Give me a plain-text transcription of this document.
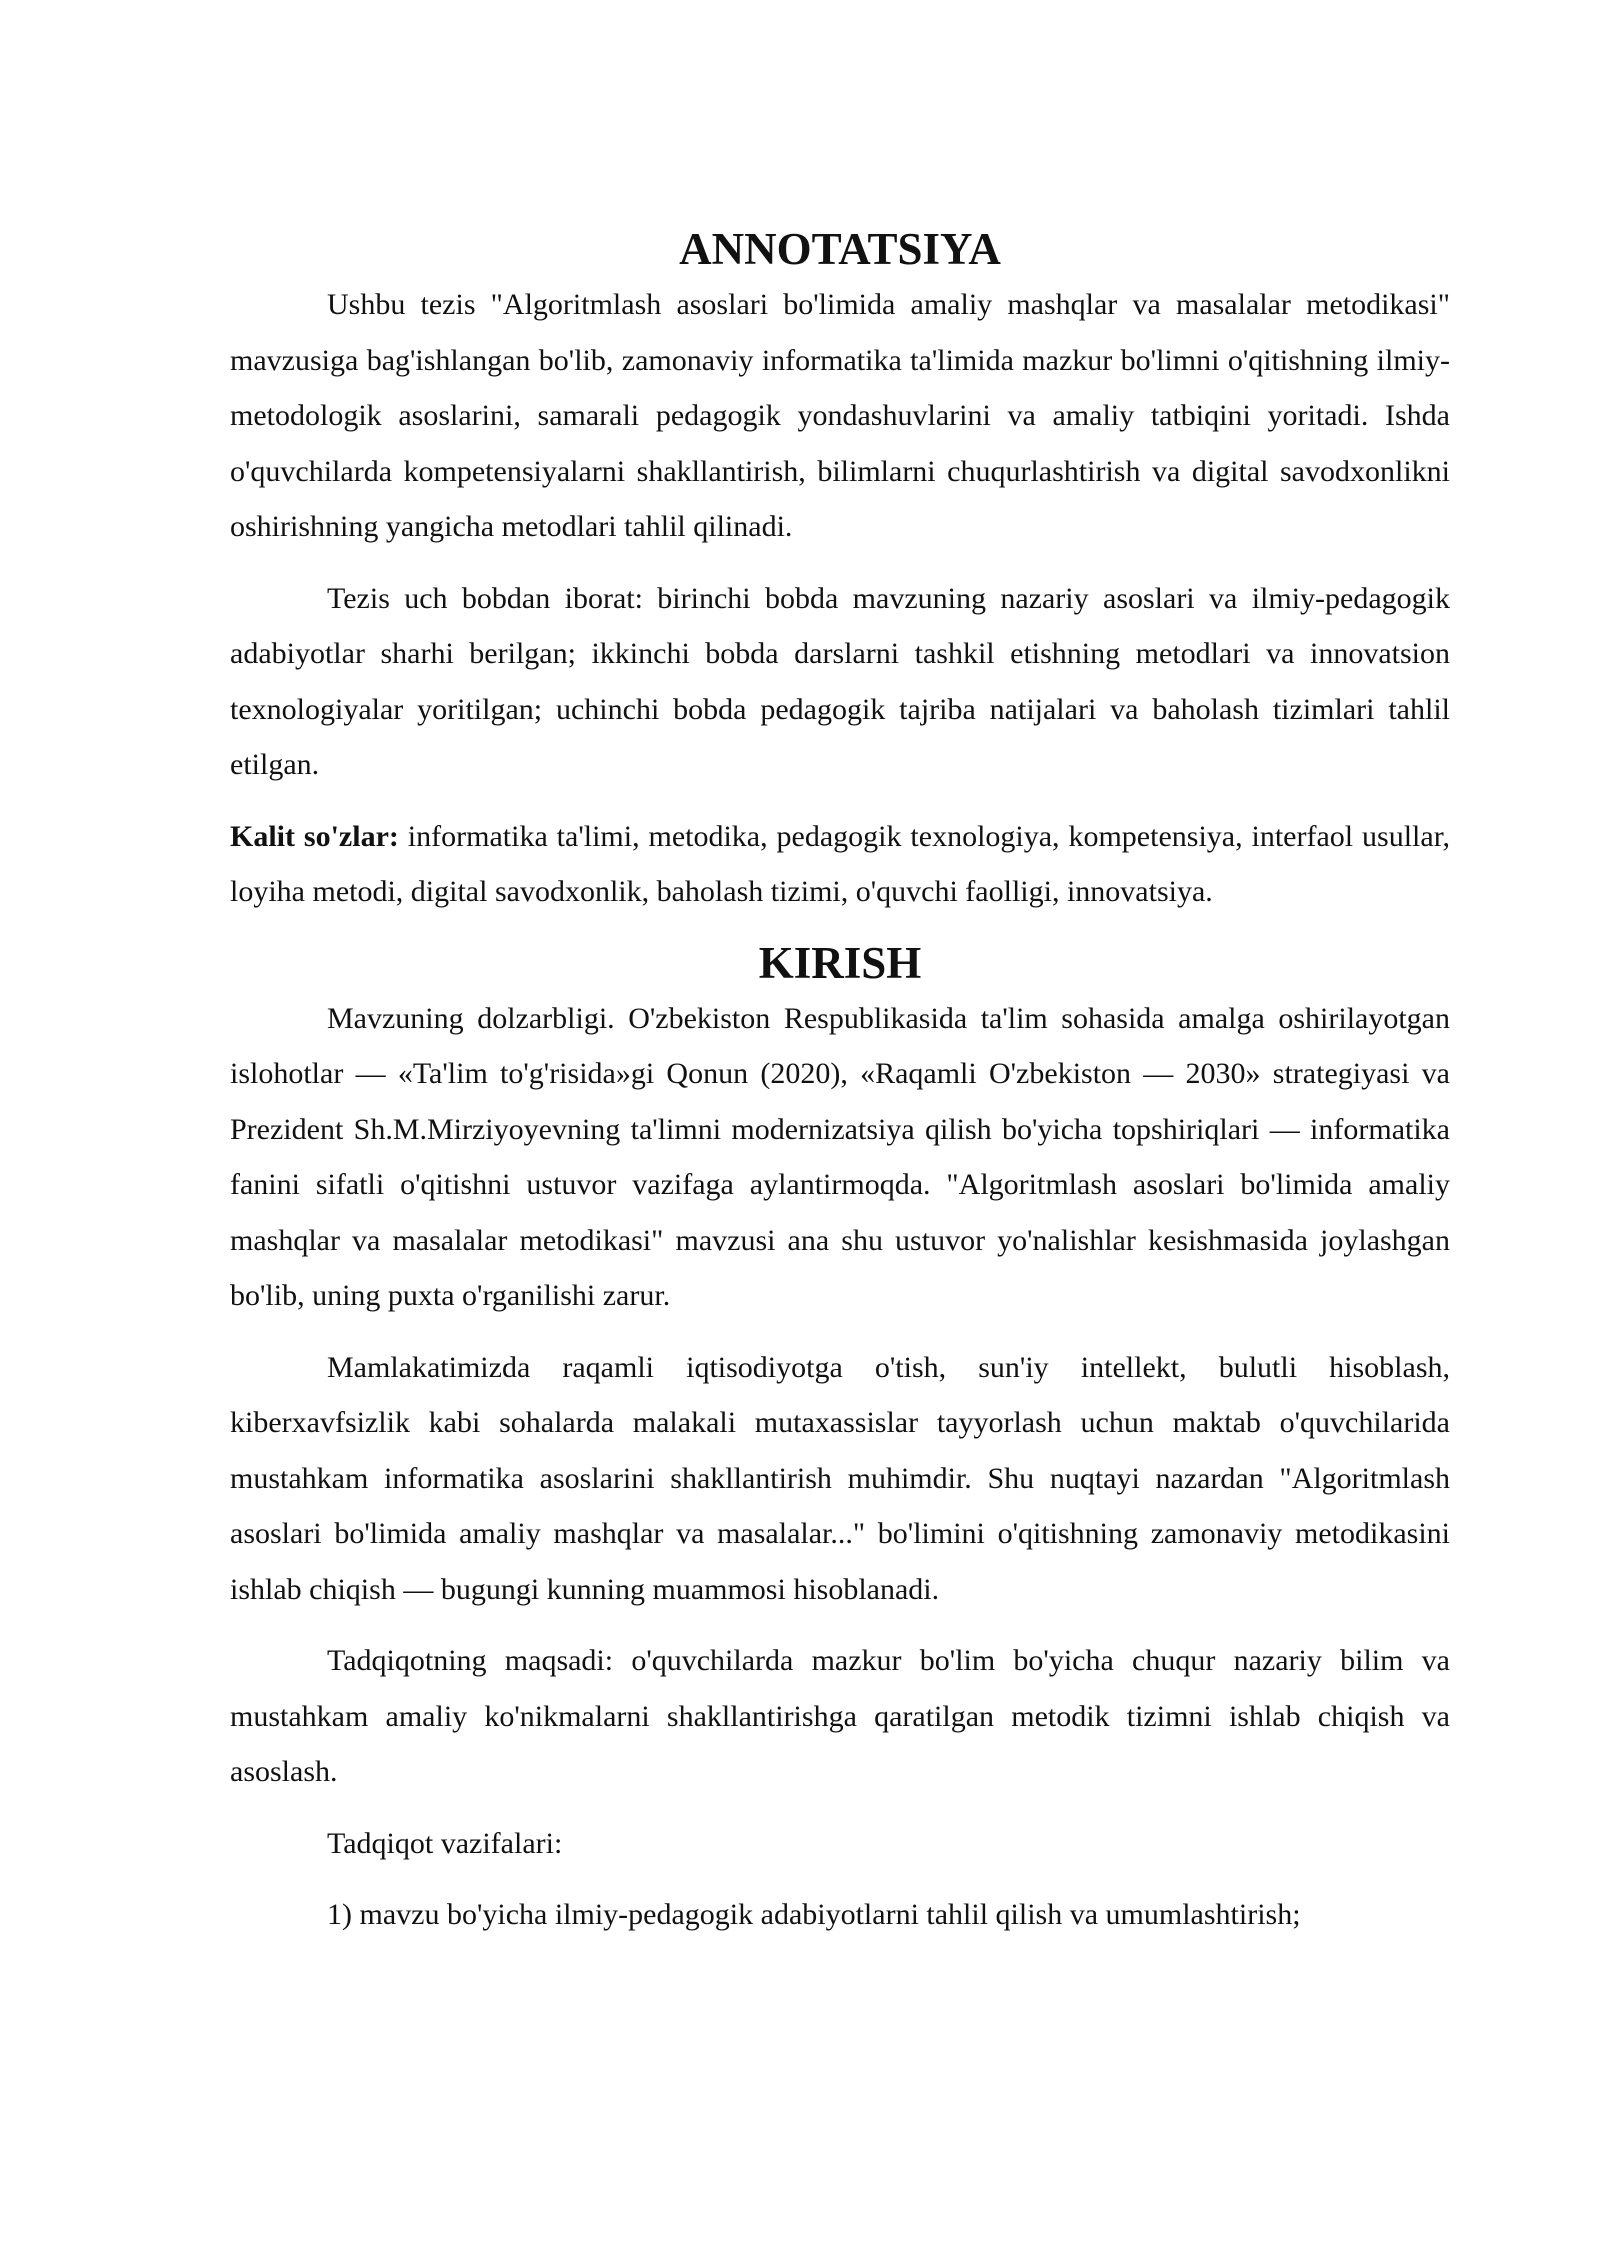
ANNOTATSIYA

Ushbu tezis "Algoritmlash asoslari bo'limida amaliy mashqlar va masalalar metodikasi" mavzusiga bag'ishlangan bo'lib, zamonaviy informatika ta'limida mazkur bo'limni o'qitishning ilmiy-metodologik asoslarini, samarali pedagogik yondashuvlarini va amaliy tatbiqini yoritadi. Ishda o'quvchilarda kompetensiyalarni shakllantirish, bilimlarni chuqurlashtirish va digital savodxonlikni oshirishning yangicha metodlari tahlil qilinadi.

Tezis uch bobdan iborat: birinchi bobda mavzuning nazariy asoslari va ilmiy-pedagogik adabiyotlar sharhi berilgan; ikkinchi bobda darslarni tashkil etishning metodlari va innovatsion texnologiyalar yoritilgan; uchinchi bobda pedagogik tajriba natijalari va baholash tizimlari tahlil etilgan.

Kalit so'zlar: informatika ta'limi, metodika, pedagogik texnologiya, kompetensiya, interfaol usullar, loyiha metodi, digital savodxonlik, baholash tizimi, o'quvchi faolligi, innovatsiya.

KIRISH

Mavzuning dolzarbligi. O'zbekiston Respublikasida ta'lim sohasida amalga oshirilayotgan islohotlar — «Ta'lim to'g'risida»gi Qonun (2020), «Raqamli O'zbekiston — 2030» strategiyasi va Prezident Sh.M.Mirziyoyevning ta'limni modernizatsiya qilish bo'yicha topshiriqlari — informatika fanini sifatli o'qitishni ustuvor vazifaga aylantirmoqda. "Algoritmlash asoslari bo'limida amaliy mashqlar va masalalar metodikasi" mavzusi ana shu ustuvor yo'nalishlar kesishmasida joylashgan bo'lib, uning puxta o'rganilishi zarur.

Mamlakatimizda raqamli iqtisodiyotga o'tish, sun'iy intellekt, bulutli hisoblash, kiberxavfsizlik kabi sohalarda malakali mutaxassislar tayyorlash uchun maktab o'quvchilarida mustahkam informatika asoslarini shakllantirish muhimdir. Shu nuqtayi nazardan "Algoritmlash asoslari bo'limida amaliy mashqlar va masalalar..." bo'limini o'qitishning zamonaviy metodikasini ishlab chiqish — bugungi kunning muammosi hisoblanadi.

Tadqiqotning maqsadi: o'quvchilarda mazkur bo'lim bo'yicha chuqur nazariy bilim va mustahkam amaliy ko'nikmalarni shakllantirishga qaratilgan metodik tizimni ishlab chiqish va asoslash.

Tadqiqot vazifalari:

1) mavzu bo'yicha ilmiy-pedagogik adabiyotlarni tahlil qilish va umumlashtirish;
